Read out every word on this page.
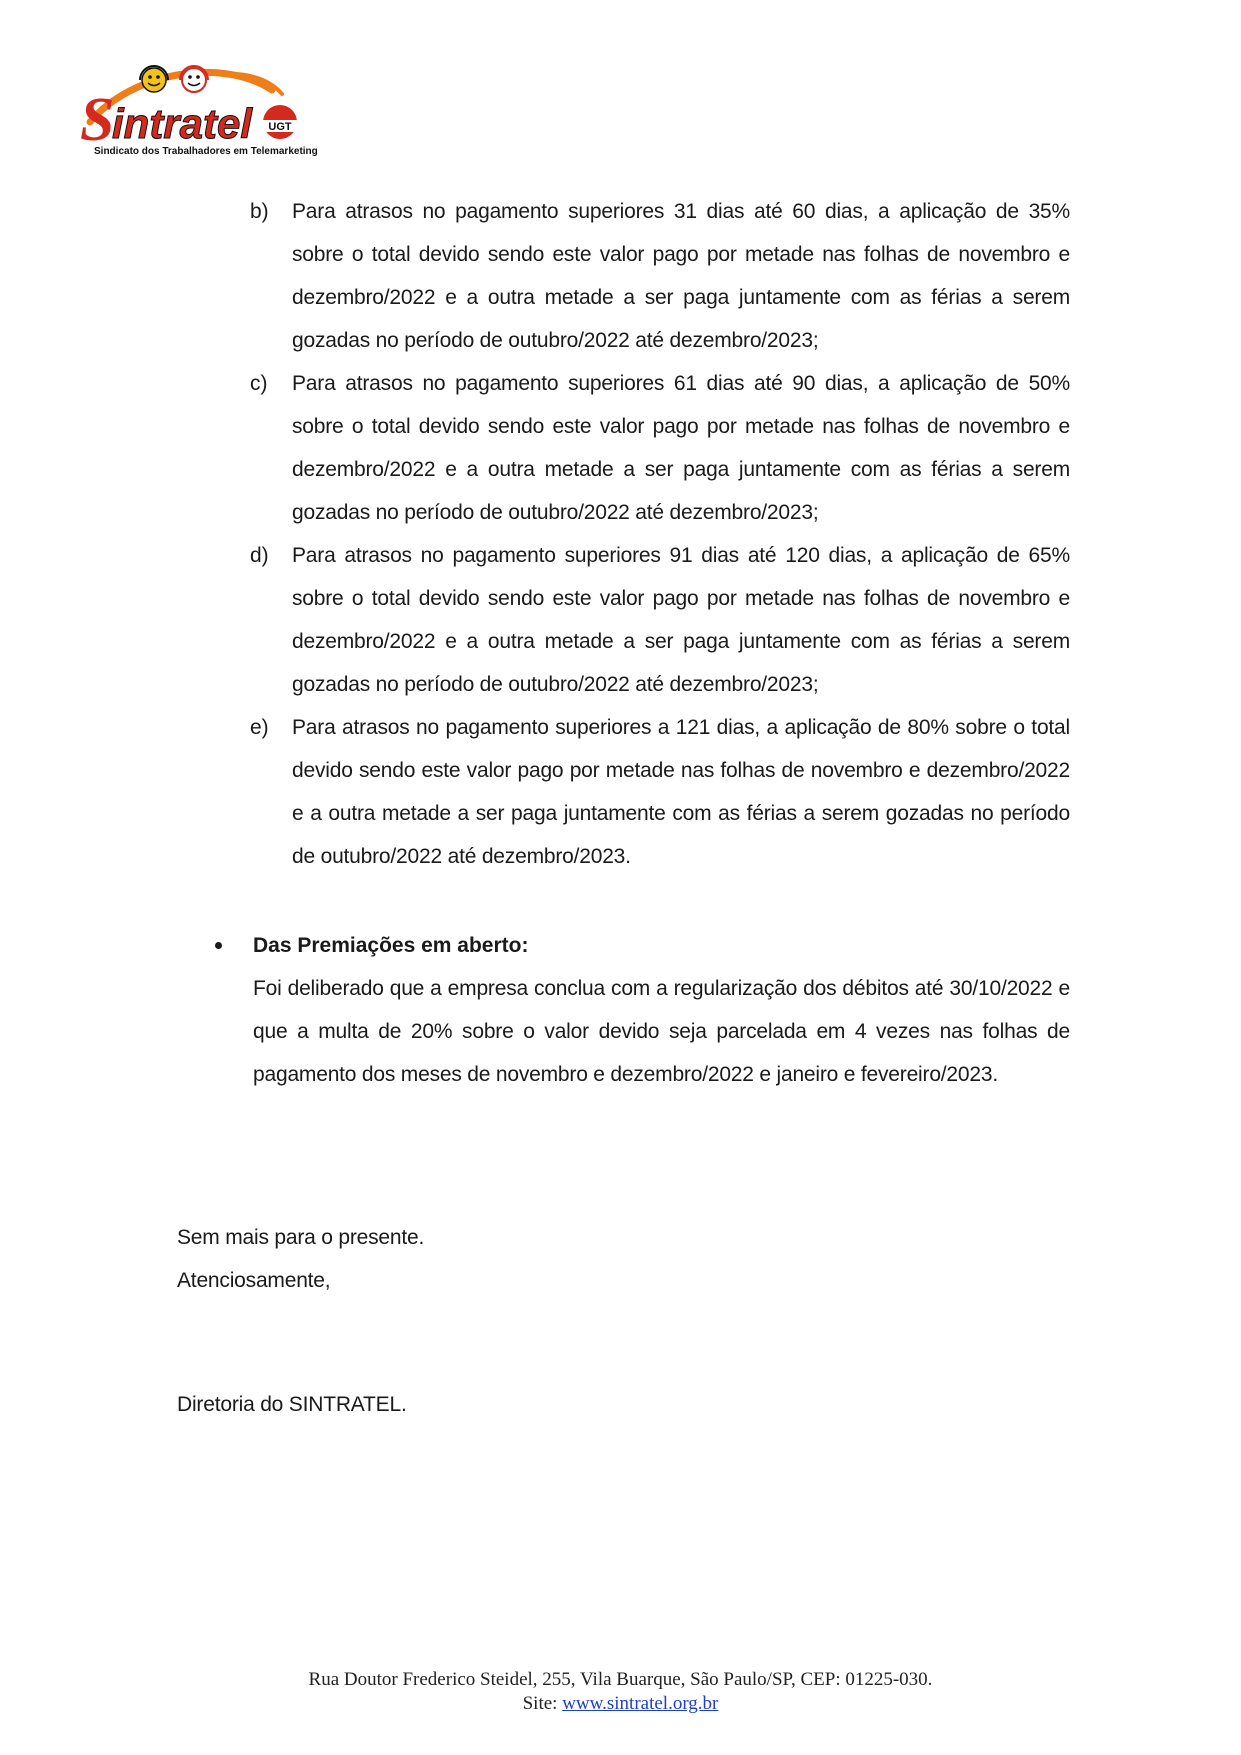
S
intratel UGT
Sindicato dos Trabalhadores em Telemarketing
b) Para atrasos no pagamento superiores 31 dias até 60 dias, a aplicação de 35% sobre o total devido sendo este valor pago por metade nas folhas de novembro e dezembro/2022 e a outra metade a ser paga juntamente com as férias a serem gozadas no período de outubro/2022 até dezembro/2023;
c) Para atrasos no pagamento superiores 61 dias até 90 dias, a aplicação de 50% sobre o total devido sendo este valor pago por metade nas folhas de novembro e dezembro/2022 e a outra metade a ser paga juntamente com as férias a serem gozadas no período de outubro/2022 até dezembro/2023;
d) Para atrasos no pagamento superiores 91 dias até 120 dias, a aplicação de 65% sobre o total devido sendo este valor pago por metade nas folhas de novembro e dezembro/2022 e a outra metade a ser paga juntamente com as férias a serem gozadas no período de outubro/2022 até dezembro/2023;
e) Para atrasos no pagamento superiores a 121 dias, a aplicação de 80% sobre o total devido sendo este valor pago por metade nas folhas de novembro e dezembro/2022 e a outra metade a ser paga juntamente com as férias a serem gozadas no período de outubro/2022 até dezembro/2023.
Das Premiações em aberto:
Foi deliberado que a empresa conclua com a regularização dos débitos até 30/10/2022 e que a multa de 20% sobre o valor devido seja parcelada em 4 vezes nas folhas de pagamento dos meses de novembro e dezembro/2022 e janeiro e fevereiro/2023.
Sem mais para o presente.
Atenciosamente,
Diretoria do SINTRATEL.
Rua Doutor Frederico Steidel, 255, Vila Buarque, São Paulo/SP, CEP: 01225-030.
Site: www.sintratel.org.br
